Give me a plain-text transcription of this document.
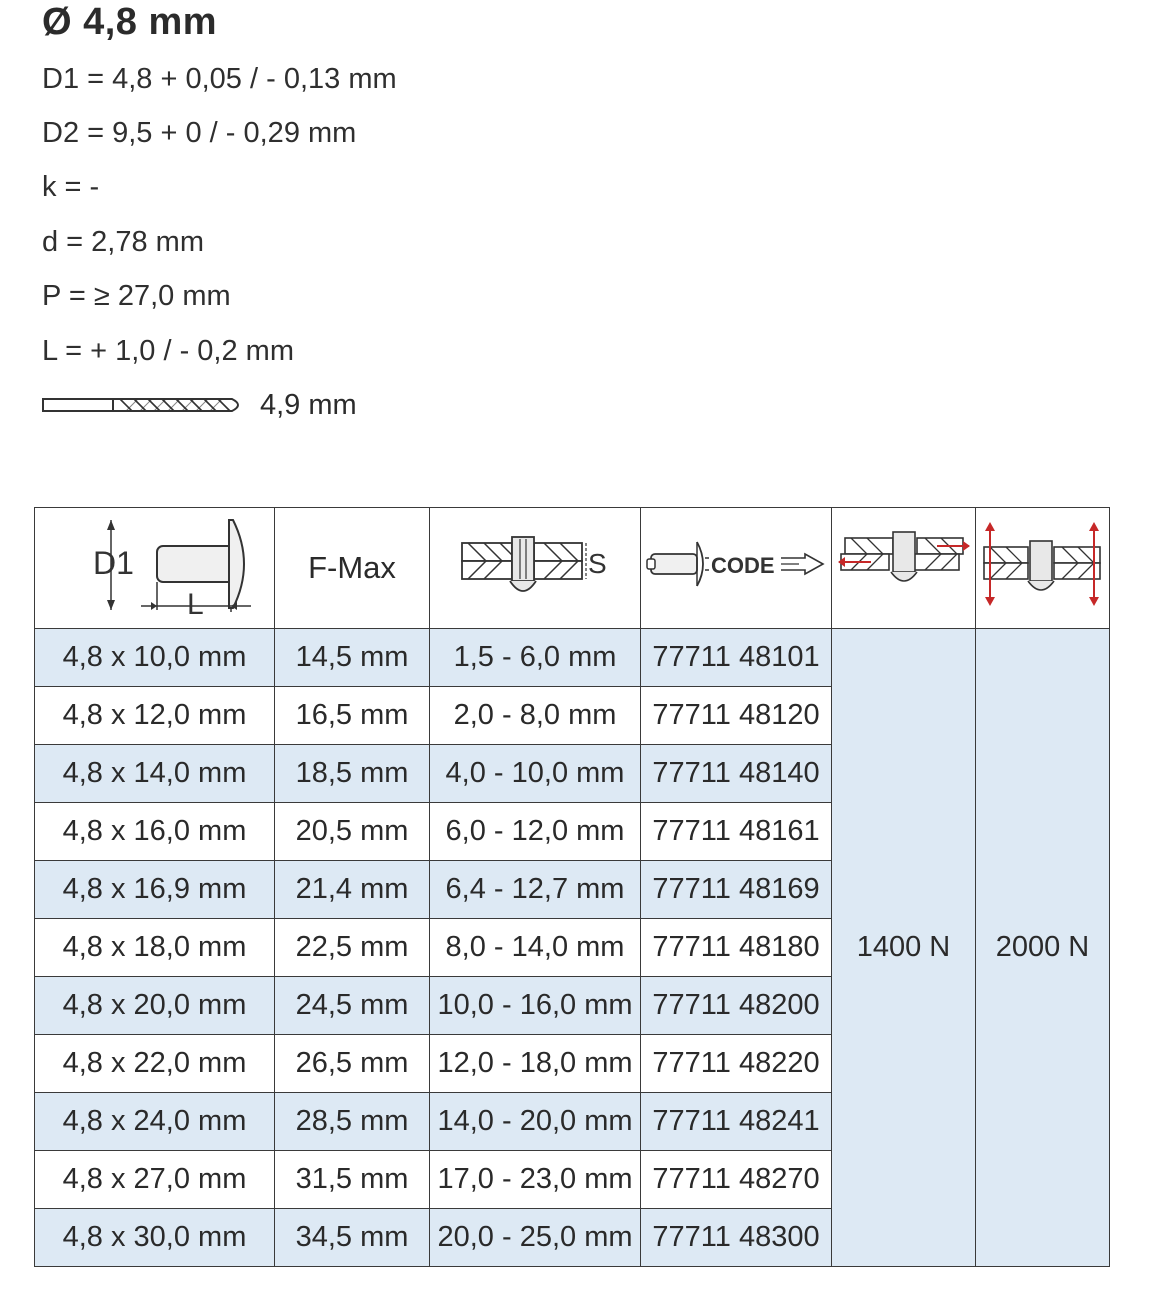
Ø 4,8 mm
D1 = 4,8 + 0,05 / - 0,13 mm
D2 = 9,5 + 0 / - 0,29 mm
k = -
d = 2,78 mm
P = ≥ 27,0 mm
L = + 1,0 / - 0,2 mm
4,9 mm
D1
L	F-Max	S	CODE

4,8 x 10,0 mm	14,5 mm	1,5 - 6,0 mm	77711 48101	1400 N	2000 N
4,8 x 12,0 mm	16,5 mm	2,0 - 8,0 mm	77711 48120		
4,8 x 14,0 mm	18,5 mm	4,0 - 10,0 mm	77711 48140		
4,8 x 16,0 mm	20,5 mm	6,0 - 12,0 mm	77711 48161		
4,8 x 16,9 mm	21,4 mm	6,4 - 12,7 mm	77711 48169		
4,8 x 18,0 mm	22,5 mm	8,0 - 14,0 mm	77711 48180		
4,8 x 20,0 mm	24,5 mm	10,0 - 16,0 mm	77711 48200		
4,8 x 22,0 mm	26,5 mm	12,0 - 18,0 mm	77711 48220		
4,8 x 24,0 mm	28,5 mm	14,0 - 20,0 mm	77711 48241		
4,8 x 27,0 mm	31,5 mm	17,0 - 23,0 mm	77711 48270		
4,8 x 30,0 mm	34,5 mm	20,0 - 25,0 mm	77711 48300		
